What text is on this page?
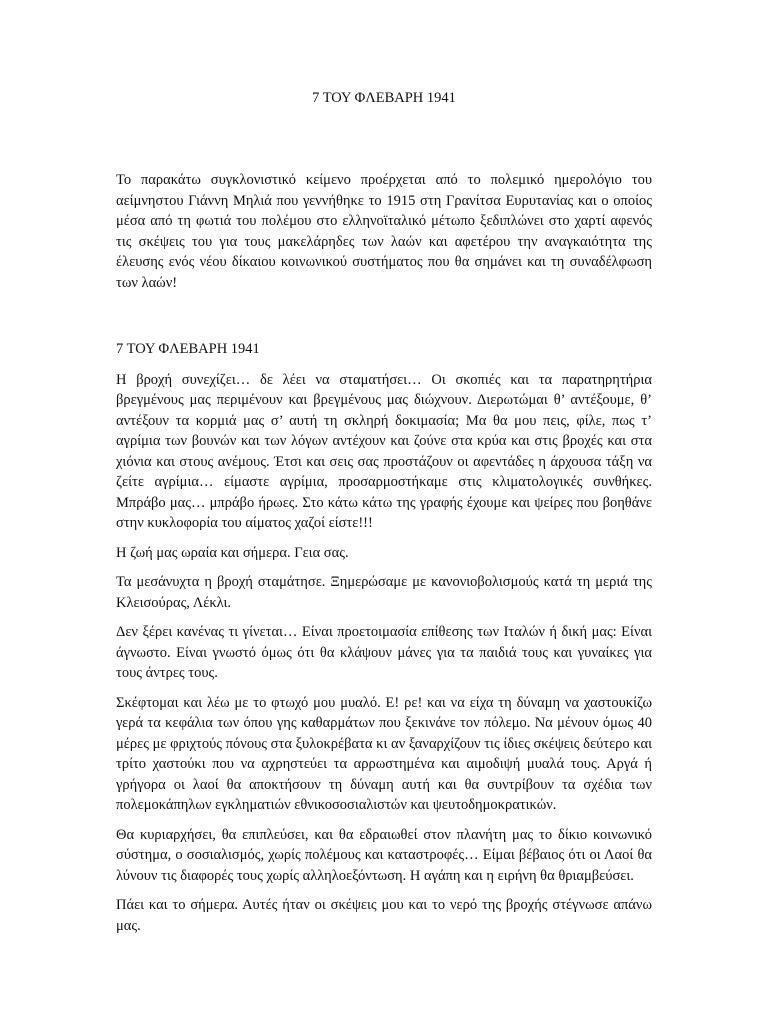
7 ΤΟΥ ΦΛΕΒΑΡΗ 1941

Το παρακάτω συγκλονιστικό κείμενο προέρχεται από το πολεμικό ημερολόγιο του αείμνηστου Γιάννη Μηλιά που γεννήθηκε το 1915 στη Γρανίτσα Ευρυτανίας και ο οποίος μέσα από τη φωτιά του πολέμου στο ελληνοϊταλικό μέτωπο ξεδιπλώνει στο χαρτί αφενός τις σκέψεις του για τους μακελάρηδες των λαών και αφετέρου την αναγκαιότητα της έλευσης ενός νέου δίκαιου κοινωνικού συστήματος που θα σημάνει και τη συναδέλφωση των λαών!

7 ΤΟΥ ΦΛΕΒΑΡΗ 1941

Η βροχή συνεχίζει… δε λέει να σταματήσει… Οι σκοπιές και τα παρατηρητήρια βρεγμένους μας περιμένουν και βρεγμένους μας διώχνουν. Διερωτώμαι θ’ αντέξουμε, θ’ αντέξουν τα κορμιά μας σ’ αυτή τη σκληρή δοκιμασία; Μα θα μου πεις, φίλε, πως τ’ αγρίμια των βουνών και των λόγων αντέχουν και ζούνε στα κρύα και στις βροχές και στα χιόνια και στους ανέμους. Έτσι και σεις σας προστάζουν οι αφεντάδες η άρχουσα τάξη να ζείτε αγρίμια… είμαστε αγρίμια, προσαρμοστήκαμε στις κλιματολογικές συνθήκες. Μπράβο μας… μπράβο ήρωες. Στο κάτω κάτω της γραφής έχουμε και ψείρες που βοηθάνε στην κυκλοφορία του αίματος χαζοί είστε!!!

Η ζωή μας ωραία και σήμερα. Γεια σας.

Τα μεσάνυχτα η βροχή σταμάτησε. Ξημερώσαμε με κανονιοβολισμούς κατά τη μεριά της Κλεισούρας, Λέκλι.

Δεν ξέρει κανένας τι γίνεται… Είναι προετοιμασία επίθεσης των Ιταλών ή δική μας: Είναι άγνωστο. Είναι γνωστό όμως ότι θα κλάψουν μάνες για τα παιδιά τους και γυναίκες για τους άντρες τους.

Σκέφτομαι και λέω με το φτωχό μου μυαλό. Ε! ρε! και να είχα τη δύναμη να χαστουκίζω γερά τα κεφάλια των όπου γης καθαρμάτων που ξεκινάνε τον πόλεμο. Να μένουν όμως 40 μέρες με φριχτούς πόνους στα ξυλοκρέβατα κι αν ξαναρχίζουν τις ίδιες σκέψεις δεύτερο και τρίτο χαστούκι που να αχρηστεύει τα αρρωστημένα και αιμοδιψή μυαλά τους. Αργά ή γρήγορα οι λαοί θα αποκτήσουν τη δύναμη αυτή και θα συντρίβουν τα σχέδια των πολεμοκάπηλων εγκληματιών εθνικοσοσιαλιστών και ψευτοδημοκρατικών.

Θα κυριαρχήσει, θα επιπλεύσει, και θα εδραιωθεί στον πλανήτη μας το δίκιο κοινωνικό σύστημα, ο σοσιαλισμός, χωρίς πολέμους και καταστροφές… Είμαι βέβαιος ότι οι Λαοί θα λύνουν τις διαφορές τους χωρίς αλληλοεξόντωση. Η αγάπη και η ειρήνη θα θριαμβεύσει.

Πάει και το σήμερα. Αυτές ήταν οι σκέψεις μου και το νερό της βροχής στέγνωσε απάνω μας.
